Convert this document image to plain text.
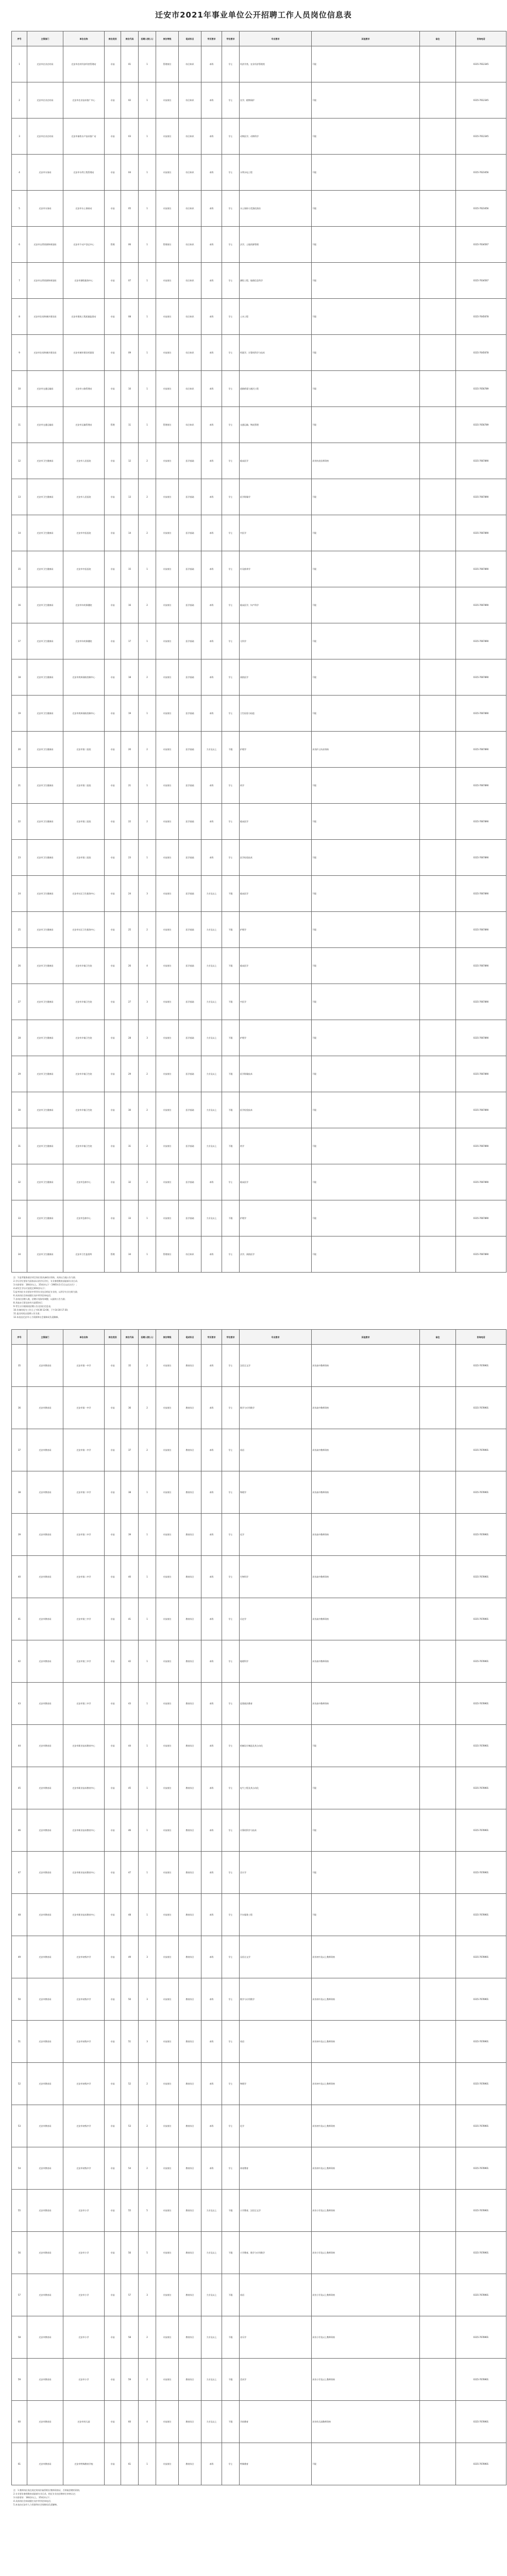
迁安市2021年事业单位公开招聘工作人员岗位信息表
序号	主管部门	单位名称	岗位类别	岗位代码	招聘人数(人)	岗位等级	笔试科目	学历要求	学位要求	专业要求	其他要求	备注	咨询电话
1	迁安市农业农村局	迁安市农村经济经营管理站	专技	01	1	管理岗位	综合知识	本科	学士	经济学类、农业经济管理类	不限		0315-7612345
2	迁安市农业农村局	迁安市农业技术推广中心	专技	02	1	专技岗位	综合知识	本科	学士	农学、植物保护	不限		0315-7612345
3	迁安市农业农村局	迁安市畜牧水产技术推广站	专技	03	1	专技岗位	综合知识	本科	学士	动物医学、动物科学	不限		0315-7612345
4	迁安市水务局	迁安市水利工程管理站	专技	04	1	专技岗位	综合知识	本科	学士	水利水电工程	不限		0315-7623456
5	迁安市水务局	迁安市水土保持站	专技	05	1	专技岗位	综合知识	本科	学士	水土保持与荒漠化防治	不限		0315-7623456
6	迁安市自然资源和规划局	迁安市不动产登记中心	管理	06	1	管理岗位	综合知识	本科	学士	法学、土地资源管理	不限		0315-7634567
7	迁安市自然资源和规划局	迁安市测绘服务中心	专技	07	1	专技岗位	综合知识	本科	学士	测绘工程、地理信息科学	不限		0315-7634567
8	迁安市住房和城乡建设局	迁安市建筑工程质量监督站	专技	08	1	专技岗位	综合知识	本科	学士	土木工程	不限		0315-7645678
9	迁安市住房和城乡建设局	迁安市城市建设档案馆	专技	09	1	专技岗位	综合知识	本科	学士	档案学、计算机科学与技术	不限		0315-7645678
10	迁安市交通运输局	迁安市公路管理站	专技	10	1	专技岗位	综合知识	本科	学士	道路桥梁与渡河工程	不限		0315-7656789
11	迁安市交通运输局	迁安市运输管理站	管理	11	1	管理岗位	综合知识	本科	学士	交通运输、物流管理	不限		0315-7656789
12	迁安市卫生健康局	迁安市人民医院	专技	12	2	专技岗位	医学基础	本科	学士	临床医学	具有执业医师资格		0315-7667890
13	迁安市卫生健康局	迁安市人民医院	专技	13	2	专技岗位	医学基础	本科	学士	医学影像学	不限		0315-7667890
14	迁安市卫生健康局	迁安市中医医院	专技	14	2	专技岗位	医学基础	本科	学士	中医学	不限		0315-7667890
15	迁安市卫生健康局	迁安市中医医院	专技	15	1	专技岗位	医学基础	本科	学士	针灸推拿学	不限		0315-7667890
16	迁安市卫生健康局	迁安市妇幼保健院	专技	16	2	专技岗位	医学基础	本科	学士	临床医学、妇产科学	不限		0315-7667890
17	迁安市卫生健康局	迁安市妇幼保健院	专技	17	1	专技岗位	医学基础	本科	学士	儿科学	不限		0315-7667890
18	迁安市卫生健康局	迁安市疾病预防控制中心	专技	18	2	专技岗位	医学基础	本科	学士	预防医学	不限		0315-7667890
19	迁安市卫生健康局	迁安市疾病预防控制中心	专技	19	1	专技岗位	医学基础	本科	学士	卫生检验与检疫	不限		0315-7667890
20	迁安市卫生健康局	迁安市第二医院	专技	20	2	专技岗位	医学基础	大专及以上	不限	护理学	具有护士执业资格		0315-7667890
21	迁安市卫生健康局	迁安市第二医院	专技	21	1	专技岗位	医学基础	本科	学士	药学	不限		0315-7667890
22	迁安市卫生健康局	迁安市第三医院	专技	22	2	专技岗位	医学基础	本科	学士	临床医学	不限		0315-7667890
23	迁安市卫生健康局	迁安市第三医院	专技	23	1	专技岗位	医学基础	本科	学士	医学检验技术	不限		0315-7667890
24	迁安市卫生健康局	迁安市社区卫生服务中心	专技	24	3	专技岗位	医学基础	大专及以上	不限	临床医学	不限		0315-7667890
25	迁安市卫生健康局	迁安市社区卫生服务中心	专技	25	2	专技岗位	医学基础	大专及以上	不限	护理学	不限		0315-7667890
26	迁安市卫生健康局	迁安市乡镇卫生院	专技	26	4	专技岗位	医学基础	大专及以上	不限	临床医学	不限		0315-7667890
27	迁安市卫生健康局	迁安市乡镇卫生院	专技	27	3	专技岗位	医学基础	大专及以上	不限	中医学	不限		0315-7667890
28	迁安市卫生健康局	迁安市乡镇卫生院	专技	28	3	专技岗位	医学基础	大专及以上	不限	护理学	不限		0315-7667890
29	迁安市卫生健康局	迁安市乡镇卫生院	专技	29	2	专技岗位	医学基础	大专及以上	不限	医学影像技术	不限		0315-7667890
30	迁安市卫生健康局	迁安市乡镇卫生院	专技	30	2	专技岗位	医学基础	大专及以上	不限	医学检验技术	不限		0315-7667890
31	迁安市卫生健康局	迁安市乡镇卫生院	专技	31	2	专技岗位	医学基础	大专及以上	不限	药学	不限		0315-7667890
32	迁安市卫生健康局	迁安市急救中心	专技	32	2	专技岗位	医学基础	本科	学士	临床医学	不限		0315-7667890
33	迁安市卫生健康局	迁安市急救中心	专技	33	1	专技岗位	医学基础	大专及以上	不限	护理学	不限		0315-7667890
34	迁安市卫生健康局	迁安市卫生监督所	管理	34	1	管理岗位	综合知识	本科	学士	法学、预防医学	不限		0315-7667890

注：1.报考服务基层项目岗位需具备相应资格，具体以当地公告为准；

2.学历学位要求为国家承认的学历学位，专业参照教育部最新专业目录；

3.年龄要求：18周岁以上、35周岁以下（1985年1月1日以后出生）；

4.研究生学历可放宽至40周岁以下；

5.报考岗位专业要求中所列专业包含相近专业的，以所学专业名称为准；

6.具体岗位咨询请拨打表中所列咨询电话；

7.各岗位招聘人数、招聘计划如有调整，以最终公告为准；

8.其他未尽事宜按有关政策执行；

9.考生应仔细阅读招聘公告及岗位信息表；

10.咨询时间为工作日上午8:30-12:00，下午14:30-17:30；

11.报名时间以招聘公告为准；

12.本表由迁安市人力资源和社会保障局负责解释。

序号	主管部门	单位名称	岗位类别	岗位代码	招聘人数(人)	岗位等级	笔试科目	学历要求	学位要求	专业要求	其他要求	备注	咨询电话
35	迁安市教育局	迁安市第一中学	专技	35	2	专技岗位	教育综合	本科	学士	汉语言文学	具有高中教师资格		0315-7678901
36	迁安市教育局	迁安市第一中学	专技	36	2	专技岗位	教育综合	本科	学士	数学与应用数学	具有高中教师资格		0315-7678901
37	迁安市教育局	迁安市第一中学	专技	37	2	专技岗位	教育综合	本科	学士	英语	具有高中教师资格		0315-7678901
38	迁安市教育局	迁安市第二中学	专技	38	1	专技岗位	教育综合	本科	学士	物理学	具有高中教师资格		0315-7678901
39	迁安市教育局	迁安市第二中学	专技	39	1	专技岗位	教育综合	本科	学士	化学	具有高中教师资格		0315-7678901
40	迁安市教育局	迁安市第二中学	专技	40	1	专技岗位	教育综合	本科	学士	生物科学	具有高中教师资格		0315-7678901
41	迁安市教育局	迁安市第三中学	专技	41	1	专技岗位	教育综合	本科	学士	历史学	具有高中教师资格		0315-7678901
42	迁安市教育局	迁安市第三中学	专技	42	1	专技岗位	教育综合	本科	学士	地理科学	具有高中教师资格		0315-7678901
43	迁安市教育局	迁安市第三中学	专技	43	1	专技岗位	教育综合	本科	学士	思想政治教育	具有高中教师资格		0315-7678901
44	迁安市教育局	迁安市职业技术教育中心	专技	44	1	专技岗位	教育综合	本科	学士	机械设计制造及其自动化	不限		0315-7678901
45	迁安市教育局	迁安市职业技术教育中心	专技	45	1	专技岗位	教育综合	本科	学士	电气工程及其自动化	不限		0315-7678901
46	迁安市教育局	迁安市职业技术教育中心	专技	46	1	专技岗位	教育综合	本科	学士	计算机科学与技术	不限		0315-7678901
47	迁安市教育局	迁安市职业技术教育中心	专技	47	1	专技岗位	教育综合	本科	学士	会计学	不限		0315-7678901
48	迁安市教育局	迁安市职业技术教育中心	专技	48	1	专技岗位	教育综合	本科	学士	汽车服务工程	不限		0315-7678901
49	迁安市教育局	迁安市初级中学	专技	49	3	专技岗位	教育综合	本科	学士	汉语言文学	具有初中及以上教师资格		0315-7678901
50	迁安市教育局	迁安市初级中学	专技	50	3	专技岗位	教育综合	本科	学士	数学与应用数学	具有初中及以上教师资格		0315-7678901
51	迁安市教育局	迁安市初级中学	专技	51	3	专技岗位	教育综合	本科	学士	英语	具有初中及以上教师资格		0315-7678901
52	迁安市教育局	迁安市初级中学	专技	52	2	专技岗位	教育综合	本科	学士	物理学	具有初中及以上教师资格		0315-7678901
53	迁安市教育局	迁安市初级中学	专技	53	2	专技岗位	教育综合	本科	学士	化学	具有初中及以上教师资格		0315-7678901
54	迁安市教育局	迁安市初级中学	专技	54	2	专技岗位	教育综合	本科	学士	体育教育	具有初中及以上教师资格		0315-7678901
55	迁安市教育局	迁安市小学	专技	55	5	专技岗位	教育综合	大专及以上	不限	小学教育、汉语言文学	具有小学及以上教师资格		0315-7678901
56	迁安市教育局	迁安市小学	专技	56	5	专技岗位	教育综合	大专及以上	不限	小学教育、数学与应用数学	具有小学及以上教师资格		0315-7678901
57	迁安市教育局	迁安市小学	专技	57	3	专技岗位	教育综合	大专及以上	不限	英语	具有小学及以上教师资格		0315-7678901
58	迁安市教育局	迁安市小学	专技	58	2	专技岗位	教育综合	大专及以上	不限	音乐学	具有小学及以上教师资格		0315-7678901
59	迁安市教育局	迁安市小学	专技	59	2	专技岗位	教育综合	大专及以上	不限	美术学	具有小学及以上教师资格		0315-7678901
60	迁安市教育局	迁安市幼儿园	专技	60	4	专技岗位	教育综合	大专及以上	不限	学前教育	具有幼儿园教师资格		0315-7678901
61	迁安市教育局	迁安市特殊教育学校	专技	61	1	专技岗位	教育综合	本科	学士	特殊教育	不限		0315-7678901

注：1.教师岗位需在规定时间内取得相应教师资格证，否则取消聘用资格；

2.专业要求参照教育部最新专业目录，相近专业由招聘单位审核认定；

3.年龄要求：18周岁以上、35周岁以下；

4.具体岗位咨询请拨打表中所列咨询电话；

5.本表由迁安市人力资源和社会保障局负责解释。
